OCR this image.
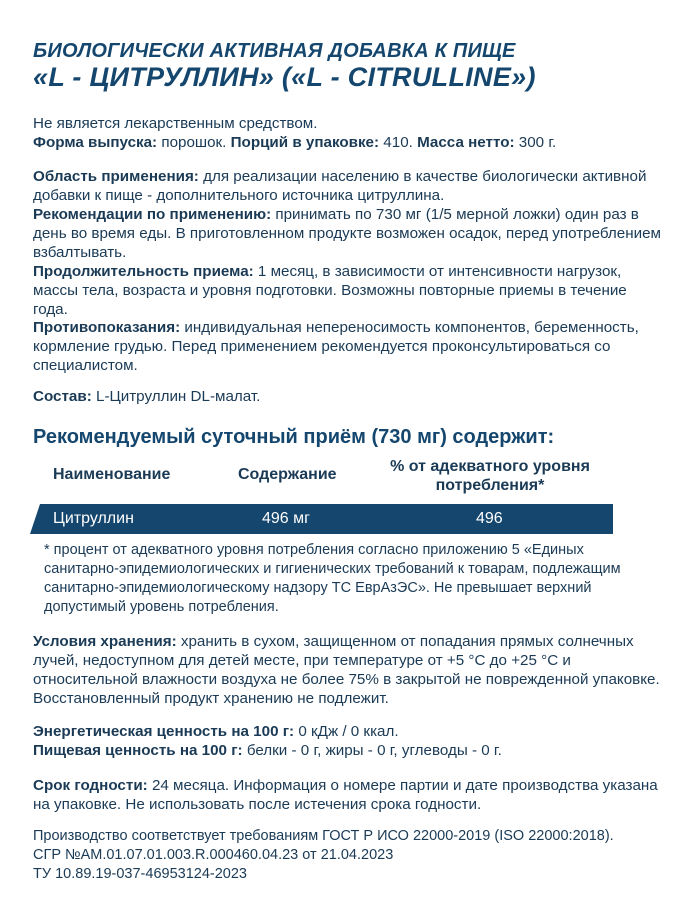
БИОЛОГИЧЕСКИ АКТИВНАЯ ДОБАВКА К ПИЩЕ
«L - ЦИТРУЛЛИН» («L - CITRULLINE»)
Не является лекарственным средством.
Форма выпуска: порошок. Порций в упаковке: 410. Масса нетто: 300 г.
Область применения: для реализации населению в качестве биологически активной добавки к пище - дополнительного источника цитруллина.
Рекомендации по применению: принимать по 730 мг (1/5 мерной ложки) один раз в день во время еды. В приготовленном продукте возможен осадок, перед употреблением взбалтывать.
Продолжительность приема: 1 месяц, в зависимости от интенсивности нагрузок, массы тела, возраста и уровня подготовки. Возможны повторные приемы в течение года.
Противопоказания: индивидуальная непереносимость компонентов, беременность, кормление грудью. Перед применением рекомендуется проконсультироваться со специалистом.
Состав: L-Цитруллин DL-малат.
Рекомендуемый суточный приём (730 мг) содержит:
Наименование	Содержание	% от адекватного уровня потребления*
Цитруллин	496 мг	496
* процент от адекватного уровня потребления согласно приложению 5 «Единых санитарно-эпидемиологических и гигиенических требований к товарам, подлежащим санитарно-эпидемиологическому надзору ТС ЕврАзЭС». Не превышает верхний допустимый уровень потребления.
Условия хранения: хранить в сухом, защищенном от попадания прямых солнечных лучей, недоступном для детей месте, при температуре от +5 °С до +25 °С и относительной влажности воздуха не более 75% в закрытой не поврежденной упаковке. Восстановленный продукт хранению не подлежит.
Энергетическая ценность на 100 г: 0 кДж / 0 ккал.
Пищевая ценность на 100 г: белки - 0 г, жиры - 0 г, углеводы - 0 г.
Срок годности: 24 месяца. Информация о номере партии и дате производства указана на упаковке. Не использовать после истечения срока годности.
Производство соответствует требованиям ГОСТ Р ИСО 22000-2019 (ISO 22000:2018).
СГР №AM.01.07.01.003.R.000460.04.23 от 21.04.2023
ТУ 10.89.19-037-46953124-2023
